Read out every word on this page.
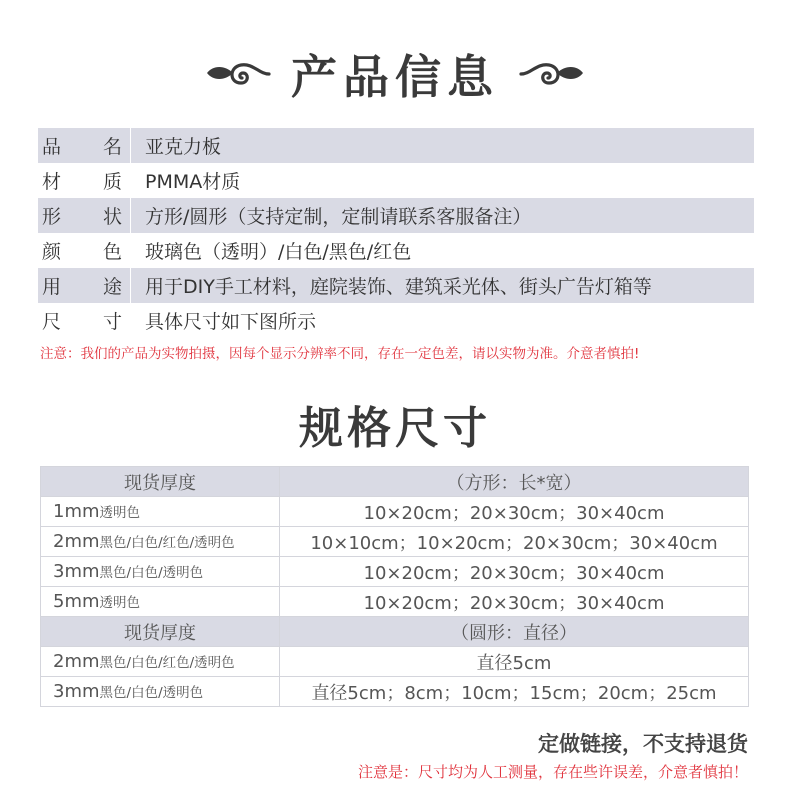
产品信息
品 名	亚克力板
材 质	PMMA材质
形 状	方形/圆形（支持定制，定制请联系客服备注）
颜 色	玻璃色（透明）/白色/黑色/红色
用 途	用于DIY手工材料，庭院装饰、建筑采光体、街头广告灯箱等
尺 寸	具体尺寸如下图所示
注意：我们的产品为实物拍摄，因每个显示分辨率不同，存在一定色差，请以实物为准。介意者慎拍!
规格尺寸
现货厚度	（方形：长*宽）
1mm透明色	10×20cm；20×30cm；30×40cm
2mm黑色/白色/红色/透明色	10×10cm；10×20cm；20×30cm；30×40cm
3mm黑色/白色/透明色	10×20cm；20×30cm；30×40cm
5mm透明色	10×20cm；20×30cm；30×40cm
现货厚度	（圆形：直径）
2mm黑色/白色/红色/透明色	直径5cm
3mm黑色/白色/透明色	直径5cm；8cm；10cm；15cm；20cm；25cm
定做链接，不支持退货
注意是：尺寸均为人工测量，存在些许误差，介意者慎拍！
